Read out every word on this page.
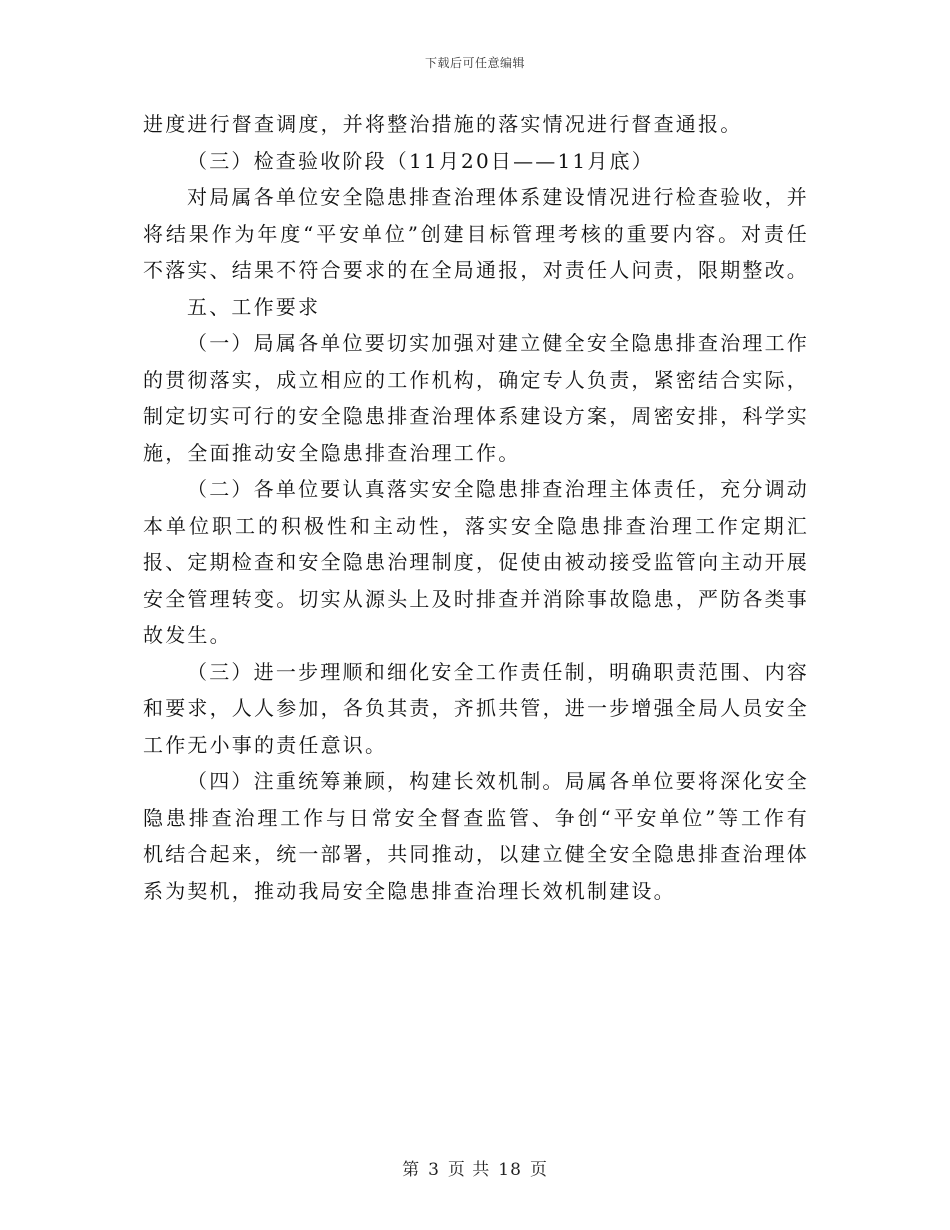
下载后可任意编辑

进度进行督查调度，并将整治措施的落实情况进行督查通报。

（三）检查验收阶段（11月20日——11月底）

对局属各单位安全隐患排查治理体系建设情况进行检查验收，并将结果作为年度“平安单位”创建目标管理考核的重要内容。对责任不落实、结果不符合要求的在全局通报，对责任人问责，限期整改。

五、工作要求

（一）局属各单位要切实加强对建立健全安全隐患排查治理工作的贯彻落实，成立相应的工作机构，确定专人负责，紧密结合实际，制定切实可行的安全隐患排查治理体系建设方案，周密安排，科学实施，全面推动安全隐患排查治理工作。

（二）各单位要认真落实安全隐患排查治理主体责任，充分调动本单位职工的积极性和主动性，落实安全隐患排查治理工作定期汇报、定期检查和安全隐患治理制度，促使由被动接受监管向主动开展安全管理转变。切实从源头上及时排查并消除事故隐患，严防各类事故发生。

（三）进一步理顺和细化安全工作责任制，明确职责范围、内容和要求，人人参加，各负其责，齐抓共管，进一步增强全局人员安全工作无小事的责任意识。

（四）注重统筹兼顾，构建长效机制。局属各单位要将深化安全隐患排查治理工作与日常安全督查监管、争创“平安单位”等工作有机结合起来，统一部署，共同推动，以建立健全安全隐患排查治理体系为契机，推动我局安全隐患排查治理长效机制建设。

第 3 页 共 18 页
